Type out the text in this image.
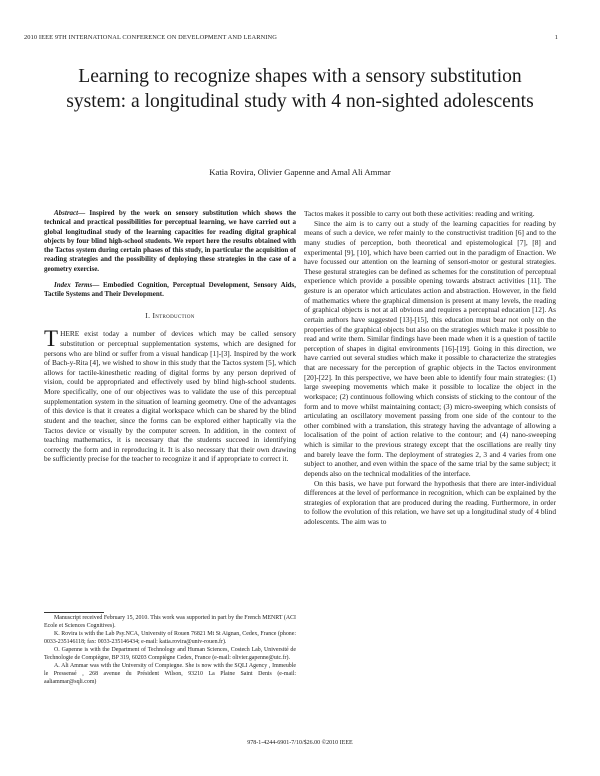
2010 IEEE 9TH INTERNATIONAL CONFERENCE ON DEVELOPMENT AND LEARNING	1
Learning to recognize shapes with a sensory substitution system: a longitudinal study with 4 non-sighted adolescents
Katia Rovira, Olivier Gapenne and Amal Ali Ammar

Abstract— Inspired by the work on sensory substitution which shows the technical and practical possibilities for perceptual learning, we have carried out a global longitudinal study of the learning capacities for reading digital graphical objects by four blind high-school students. We report here the results obtained with the Tactos system during certain phases of this study, in particular the acquisition of reading strategies and the possibility of deploying these strategies in the case of a geometry exercise.

Index Terms— Embodied Cognition, Perceptual Development, Sensory Aids, Tactile Systems and Their Development.

I. Introduction

THERE exist today a number of devices which may be called sensory substitution or perceptual supplementation systems, which are designed for persons who are blind or suffer from a visual handicap [1]-[3]. Inspired by the work of Bach-y-Rita [4], we wished to show in this study that the Tactos system [5], which allows for tactile-kinesthetic reading of digital forms by any person deprived of vision, could be appropriated and effectively used by blind high-school students. More specifically, one of our objectives was to validate the use of this perceptual supplementation system in the situation of learning geometry. One of the advantages of this device is that it creates a digital workspace which can be shared by the blind student and the teacher, since the forms can be explored either haptically via the Tactos device or visually by the computer screen. In addition, in the context of teaching mathematics, it is necessary that the students succeed in identifying correctly the form and in reproducing it. It is also necessary that their own drawing be sufficiently precise for the teacher to recognize it and if appropriate to correct it.

Manuscript received February 15, 2010. This work was supported in part by the French MENRT (ACI Ecole et Sciences Cognitives).

K. Rovira is with the Lab Psy.NCA, University of Rouen 76821 Mt St Aignan, Cedex, France (phone: 0033-235146118; fax: 0033-235146434; e-mail: katia.rovira@univ-rouen.fr).

O. Gapenne is with the Department of Technology and Human Sciences, Costech Lab, Université de Technologie de Compiègne, BP 319, 60203 Compiègne Cedex, France (e-mail: olivier.gapenne@utc.fr).

A. Ali Ammar was with the University of Compiegne. She is now with the SQLI Agency , Immeuble le Pressensé , 268 avenue du Président Wilson, 93210 La Plaine Saint Denis (e-mail: aaliammar@sqli.com)

Tactos makes it possible to carry out both these activities: reading and writing.

Since the aim is to carry out a study of the learning capacities for reading by means of such a device, we refer mainly to the constructivist tradition [6] and to the many studies of perception, both theoretical and epistemological [7], [8] and experimental [9], [10], which have been carried out in the paradigm of Enaction. We have focussed our attention on the learning of sensori-motor or gestural strategies. These gestural strategies can be defined as schemes for the constitution of perceptual experience which provide a possible opening towards abstract activities [11]. The gesture is an operator which articulates action and abstraction. However, in the field of mathematics where the graphical dimension is present at many levels, the reading of graphical objects is not at all obvious and requires a perceptual education [12]. As certain authors have suggested [13]-[15], this education must bear not only on the properties of the graphical objects but also on the strategies which make it possible to read and write them. Similar findings have been made when it is a question of tactile perception of shapes in digital environments [16]-[19]. Going in this direction, we have carried out several studies which make it possible to characterize the strategies that are necessary for the perception of graphic objects in the Tactos environment [20]-[22]. In this perspective, we have been able to identify four main strategies: (1) large sweeping movements which make it possible to localize the object in the workspace; (2) continuous following which consists of sticking to the contour of the form and to move whilst maintaining contact; (3) micro-sweeping which consists of articulating an oscillatory movement passing from one side of the contour to the other combined with a translation, this strategy having the advantage of allowing a localisation of the point of action relative to the contour; and (4) nano-sweeping which is similar to the previous strategy except that the oscillations are really tiny and barely leave the form. The deployment of strategies 2, 3 and 4 varies from one subject to another, and even within the space of the same trial by the same subject; it depends also on the technical modalities of the interface.

On this basis, we have put forward the hypothesis that there are inter-individual differences at the level of performance in recognition, which can be explained by the strategies of exploration that are produced during the reading. Furthermore, in order to follow the evolution of this relation, we have set up a longitudinal study of 4 blind adolescents. The aim was to

978-1-4244-6901-7/10/$26.00 ©2010 IEEE
